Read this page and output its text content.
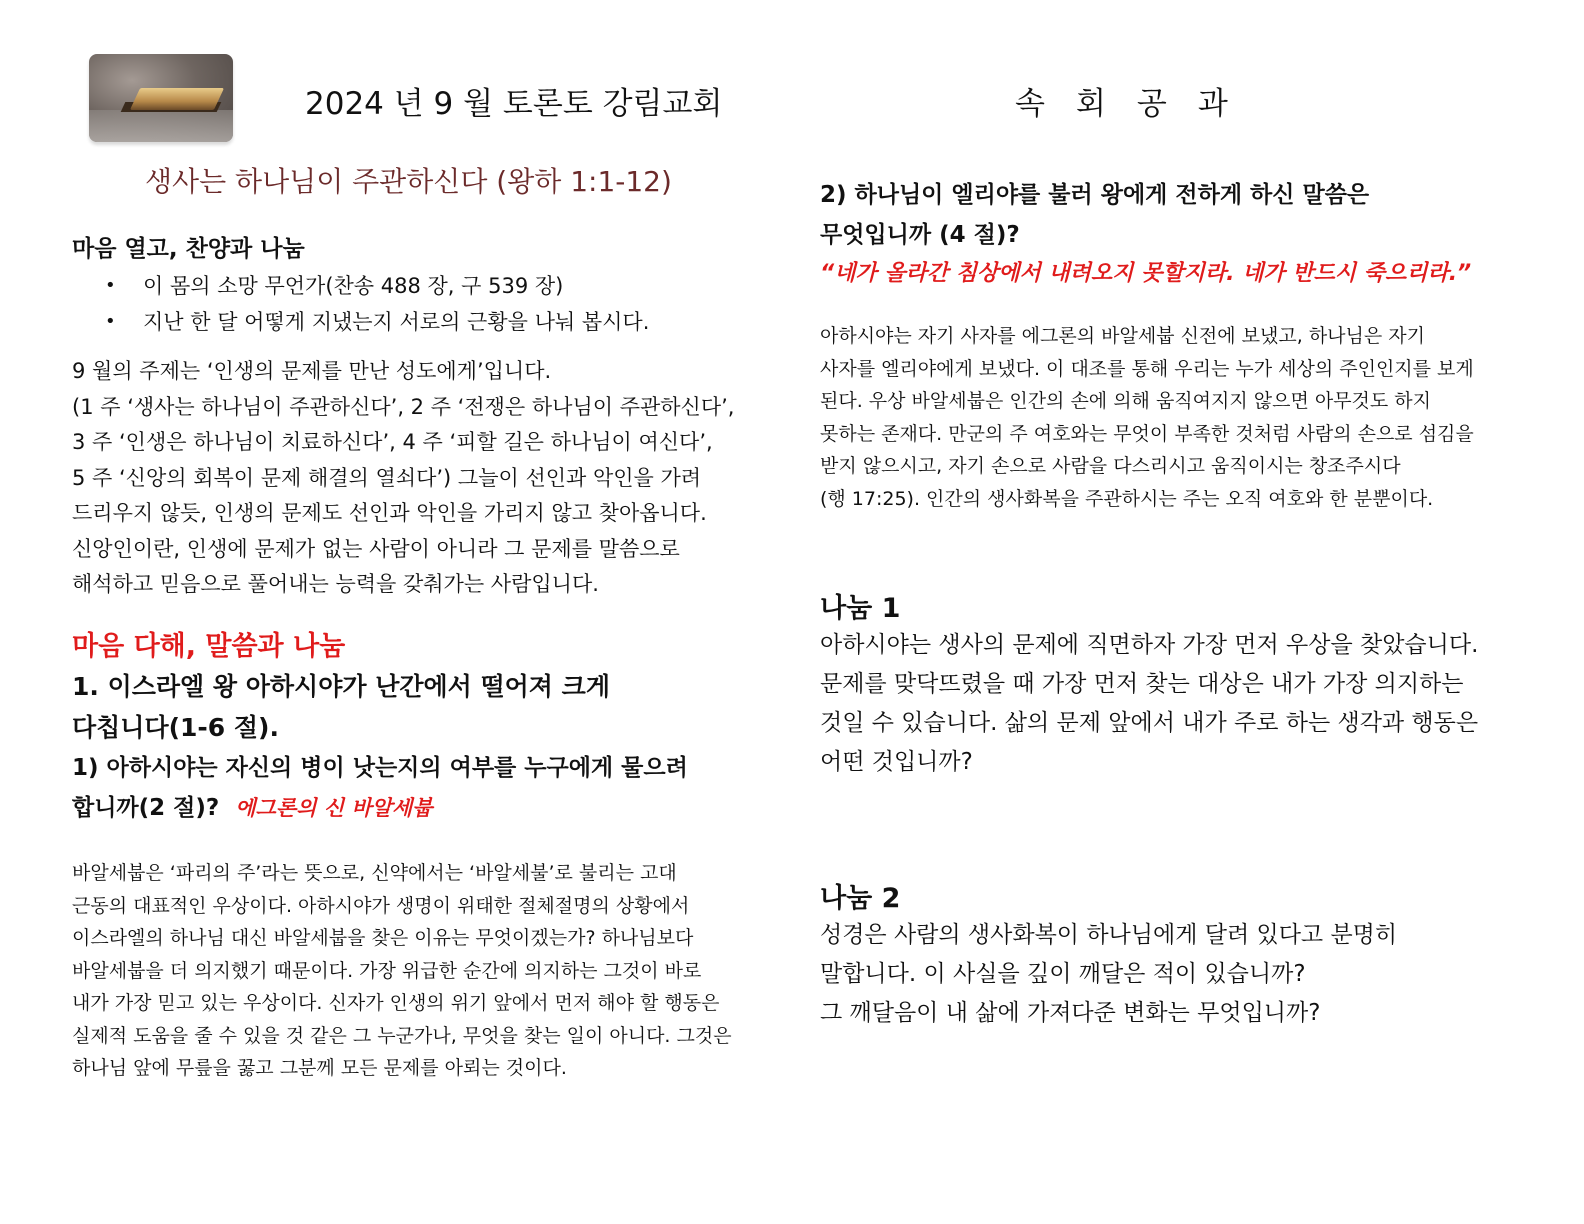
2024 년 9 월 토론토 강림교회	속회공과
생사는 하나님이 주관하신다 (왕하 1:1-12)
마음 열고, 찬양과 나눔
• 이 몸의 소망 무언가(찬송 488 장, 구 539 장)
• 지난 한 달 어떻게 지냈는지 서로의 근황을 나눠 봅시다.
9 월의 주제는 ‘인생의 문제를 만난 성도에게’입니다.
(1 주 ‘생사는 하나님이 주관하신다’, 2 주 ‘전쟁은 하나님이 주관하신다’,
3 주 ‘인생은 하나님이 치료하신다’, 4 주 ‘피할 길은 하나님이 여신다’,
5 주 ‘신앙의 회복이 문제 해결의 열쇠다’) 그늘이 선인과 악인을 가려
드리우지 않듯, 인생의 문제도 선인과 악인을 가리지 않고 찾아옵니다.
신앙인이란, 인생에 문제가 없는 사람이 아니라 그 문제를 말씀으로
해석하고 믿음으로 풀어내는 능력을 갖춰가는 사람입니다.
마음 다해, 말씀과 나눔
1. 이스라엘 왕 아하시야가 난간에서 떨어져 크게
다칩니다(1-6 절).
1) 아하시야는 자신의 병이 낫는지의 여부를 누구에게 물으려
합니까(2 절)? 에그론의 신 바알세붑
바알세붑은 ‘파리의 주’라는 뜻으로, 신약에서는 ‘바알세불’로 불리는 고대
근동의 대표적인 우상이다. 아하시야가 생명이 위태한 절체절명의 상황에서
이스라엘의 하나님 대신 바알세붑을 찾은 이유는 무엇이겠는가? 하나님보다
바알세붑을 더 의지했기 때문이다. 가장 위급한 순간에 의지하는 그것이 바로
내가 가장 믿고 있는 우상이다. 신자가 인생의 위기 앞에서 먼저 해야 할 행동은
실제적 도움을 줄 수 있을 것 같은 그 누군가나, 무엇을 찾는 일이 아니다. 그것은
하나님 앞에 무릎을 꿇고 그분께 모든 문제를 아뢰는 것이다.
2) 하나님이 엘리야를 불러 왕에게 전하게 하신 말씀은
무엇입니까 (4 절)?
“네가 올라간 침상에서 내려오지 못할지라. 네가 반드시 죽으리라.”
아하시야는 자기 사자를 에그론의 바알세붑 신전에 보냈고, 하나님은 자기
사자를 엘리야에게 보냈다. 이 대조를 통해 우리는 누가 세상의 주인인지를 보게
된다. 우상 바알세붑은 인간의 손에 의해 움직여지지 않으면 아무것도 하지
못하는 존재다. 만군의 주 여호와는 무엇이 부족한 것처럼 사람의 손으로 섬김을
받지 않으시고, 자기 손으로 사람을 다스리시고 움직이시는 창조주시다
(행 17:25). 인간의 생사화복을 주관하시는 주는 오직 여호와 한 분뿐이다.
나눔 1
아하시야는 생사의 문제에 직면하자 가장 먼저 우상을 찾았습니다.
문제를 맞닥뜨렸을 때 가장 먼저 찾는 대상은 내가 가장 의지하는
것일 수 있습니다. 삶의 문제 앞에서 내가 주로 하는 생각과 행동은
어떤 것입니까?
나눔 2
성경은 사람의 생사화복이 하나님에게 달려 있다고 분명히
말합니다. 이 사실을 깊이 깨달은 적이 있습니까?
그 깨달음이 내 삶에 가져다준 변화는 무엇입니까?
